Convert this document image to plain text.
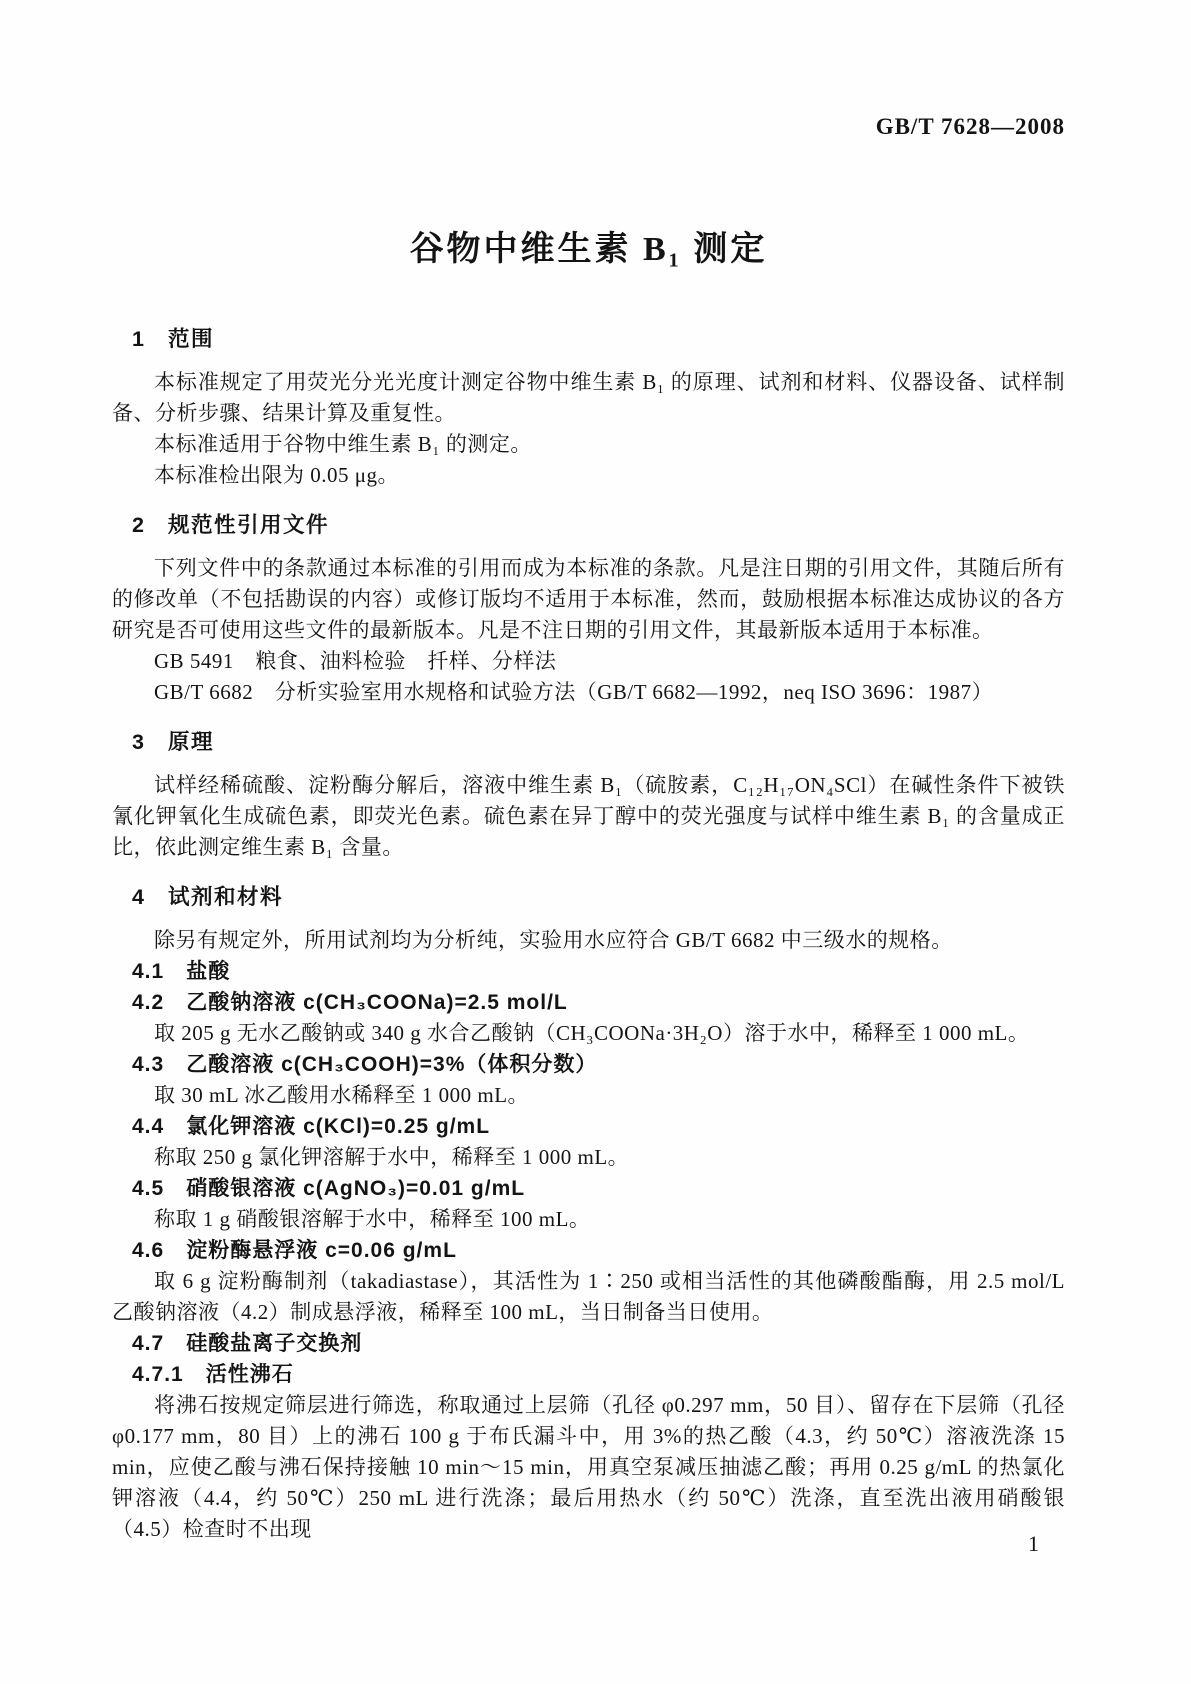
GB/T 7628—2008
谷物中维生素 B₁ 测定
1 范围

本标准规定了用荧光分光光度计测定谷物中维生素 B₁ 的原理、试剂和材料、仪器设备、试样制备、分析步骤、结果计算及重复性。

本标准适用于谷物中维生素 B₁ 的测定。

本标准检出限为 0.05 μg。

2 规范性引用文件

下列文件中的条款通过本标准的引用而成为本标准的条款。凡是注日期的引用文件，其随后所有的修改单（不包括勘误的内容）或修订版均不适用于本标准，然而，鼓励根据本标准达成协议的各方研究是否可使用这些文件的最新版本。凡是不注日期的引用文件，其最新版本适用于本标准。

GB 5491　粮食、油料检验　扦样、分样法

GB/T 6682　分析实验室用水规格和试验方法（GB/T 6682—1992，neq ISO 3696：1987）

3 原理

试样经稀硫酸、淀粉酶分解后，溶液中维生素 B₁（硫胺素，C₁₂H₁₇ON₄SCl）在碱性条件下被铁氰化钾氧化生成硫色素，即荧光色素。硫色素在异丁醇中的荧光强度与试样中维生素 B₁ 的含量成正比，依此测定维生素 B₁ 含量。

4 试剂和材料

除另有规定外，所用试剂均为分析纯，实验用水应符合 GB/T 6682 中三级水的规格。

4.1 盐酸
4.2 乙酸钠溶液 c(CH₃COONa)=2.5 mol/L

取 205 g 无水乙酸钠或 340 g 水合乙酸钠（CH₃COONa·3H₂O）溶于水中，稀释至 1 000 mL。

4.3 乙酸溶液 c(CH₃COOH)=3%（体积分数）

取 30 mL 冰乙酸用水稀释至 1 000 mL。

4.4 氯化钾溶液 c(KCl)=0.25 g/mL

称取 250 g 氯化钾溶解于水中，稀释至 1 000 mL。

4.5 硝酸银溶液 c(AgNO₃)=0.01 g/mL

称取 1 g 硝酸银溶解于水中，稀释至 100 mL。

4.6 淀粉酶悬浮液 c=0.06 g/mL

取 6 g 淀粉酶制剂（takadiastase），其活性为 1∶250 或相当活性的其他磷酸酯酶，用 2.5 mol/L 乙酸钠溶液（4.2）制成悬浮液，稀释至 100 mL，当日制备当日使用。

4.7 硅酸盐离子交换剂
4.7.1 活性沸石

将沸石按规定筛层进行筛选，称取通过上层筛（孔径 φ0.297 mm，50 目）、留存在下层筛（孔径 φ0.177 mm，80 目）上的沸石 100 g 于布氏漏斗中，用 3%的热乙酸（4.3，约 50℃）溶液洗涤 15 min，应使乙酸与沸石保持接触 10 min～15 min，用真空泵减压抽滤乙酸；再用 0.25 g/mL 的热氯化钾溶液（4.4，约 50℃）250 mL 进行洗涤；最后用热水（约 50℃）洗涤，直至洗出液用硝酸银（4.5）检查时不出现

1
